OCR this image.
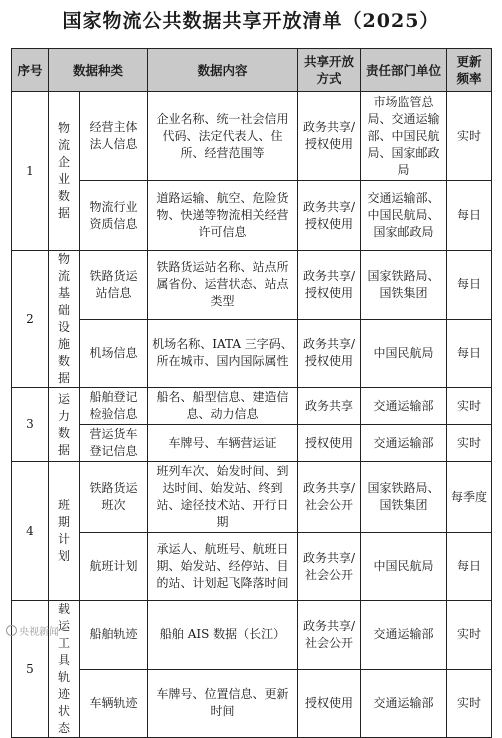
国家物流公共数据共享开放清单（2025）
序号	数据种类		数据内容	共享开放方式	责任部门单位	更新频率
1	物流企业数据	经营主体法人信息	企业名称、统一社会信用代码、法定代表人、住所、经营范围等	政务共享/授权使用	市场监管总局、交通运输部、中国民航局、国家邮政局	实时
		物流行业资质信息	道路运输、航空、危险货物、快递等物流相关经营许可信息	政务共享/授权使用	交通运输部、中国民航局、国家邮政局	每日
2	物流基础设施数据	铁路货运站信息	铁路货运站名称、站点所属省份、运营状态、站点类型	政务共享/授权使用	国家铁路局、国铁集团	每日
		机场信息	机场名称、IATA 三字码、所在城市、国内国际属性	政务共享/授权使用	中国民航局	每日
3	运力数据	船舶登记检验信息	船名、船型信息、建造信息、动力信息	政务共享	交通运输部	实时
		营运货车登记信息	车牌号、车辆营运证	授权使用	交通运输部	实时
4	班期计划	铁路货运班次	班列车次、始发时间、到达时间、始发站、终到站、途径技术站、开行日期	政务共享/社会公开	国家铁路局、国铁集团	每季度
		航班计划	承运人、航班号、航班日期、始发站、经停站、目的站、计划起飞降落时间	政务共享/社会公开	中国民航局	每日
5	载运工具轨迹状态	船舶轨迹	船舶 AIS 数据（长江）	政务共享/社会公开	交通运输部	实时
		车辆轨迹	车牌号、位置信息、更新时间	授权使用	交通运输部	实时
央视新闻
